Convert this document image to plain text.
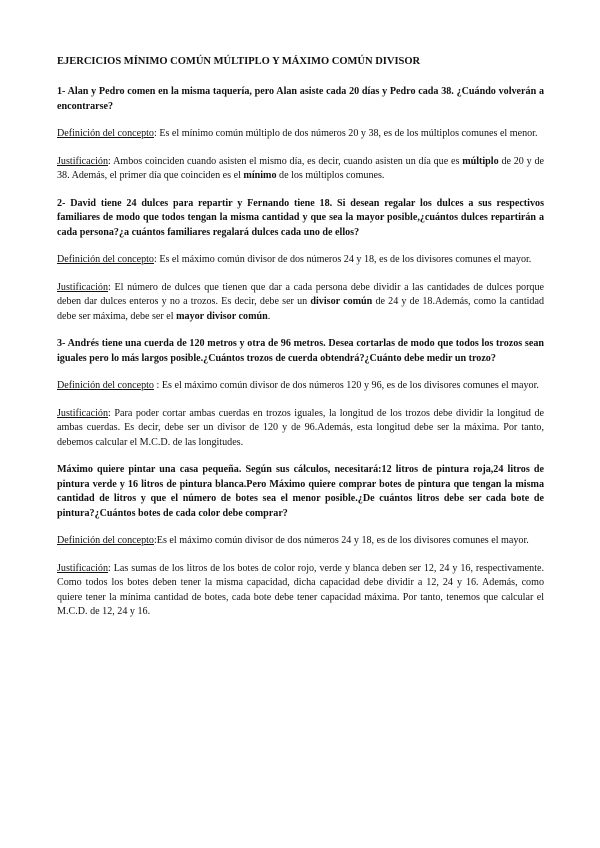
EJERCICIOS MÍNIMO COMÚN MÚLTIPLO Y MÁXIMO COMÚN DIVISOR

1- Alan y Pedro comen en la misma taquería, pero Alan asiste cada 20 días y Pedro cada 38. ¿Cuándo volverán a encontrarse?

Definición del concepto: Es el mínimo común múltiplo de dos números 20 y 38, es de los múltiplos comunes el menor.

Justificación: Ambos coinciden cuando asisten el mismo día, es decir, cuando asisten un día que es múltiplo de 20 y de 38. Además, el primer día que coinciden es el mínimo de los múltiplos comunes.

2- David tiene 24 dulces para repartir y Fernando tiene 18. Si desean regalar los dulces a sus respectivos familiares de modo que todos tengan la misma cantidad y que sea la mayor posible,¿cuántos dulces repartirán a cada persona?¿a cuántos familiares regalará dulces cada uno de ellos?

Definición del concepto: Es el máximo común divisor de dos números 24 y 18, es de los divisores comunes el mayor.

Justificación: El número de dulces que tienen que dar a cada persona debe dividir a las cantidades de dulces porque deben dar dulces enteros y no a trozos. Es decir, debe ser un divisor común de 24 y de 18.Además, como la cantidad debe ser máxima, debe ser el mayor divisor común.

3- Andrés tiene una cuerda de 120 metros y otra de 96 metros. Desea cortarlas de modo que todos los trozos sean iguales pero lo más largos posible.¿Cuántos trozos de cuerda obtendrá?¿Cuánto debe medir un trozo?

Definición del concepto : Es el máximo común divisor de dos números 120 y 96, es de los divisores comunes el mayor.

Justificación: Para poder cortar ambas cuerdas en trozos iguales, la longitud de los trozos debe dividir la longitud de ambas cuerdas. Es decir, debe ser un divisor de 120 y de 96.Además, esta longitud debe ser la máxima. Por tanto, debemos calcular el M.C.D. de las longitudes.

Máximo quiere pintar una casa pequeña. Según sus cálculos, necesitará:12 litros de pintura roja,24 litros de pintura verde y 16 litros de pintura blanca.Pero Máximo quiere comprar botes de pintura que tengan la misma cantidad de litros y que el número de botes sea el menor posible.¿De cuántos litros debe ser cada bote de pintura?¿Cuántos botes de cada color debe comprar?

Definición del concepto:Es el máximo común divisor de dos números 24 y 18, es de los divisores comunes el mayor.

Justificación: Las sumas de los litros de los botes de color rojo, verde y blanca deben ser 12, 24 y 16, respectivamente. Como todos los botes deben tener la misma capacidad, dicha capacidad debe dividir a 12, 24 y 16. Además, como quiere tener la mínima cantidad de botes, cada bote debe tener capacidad máxima. Por tanto, tenemos que calcular el M.C.D. de 12, 24 y 16.
